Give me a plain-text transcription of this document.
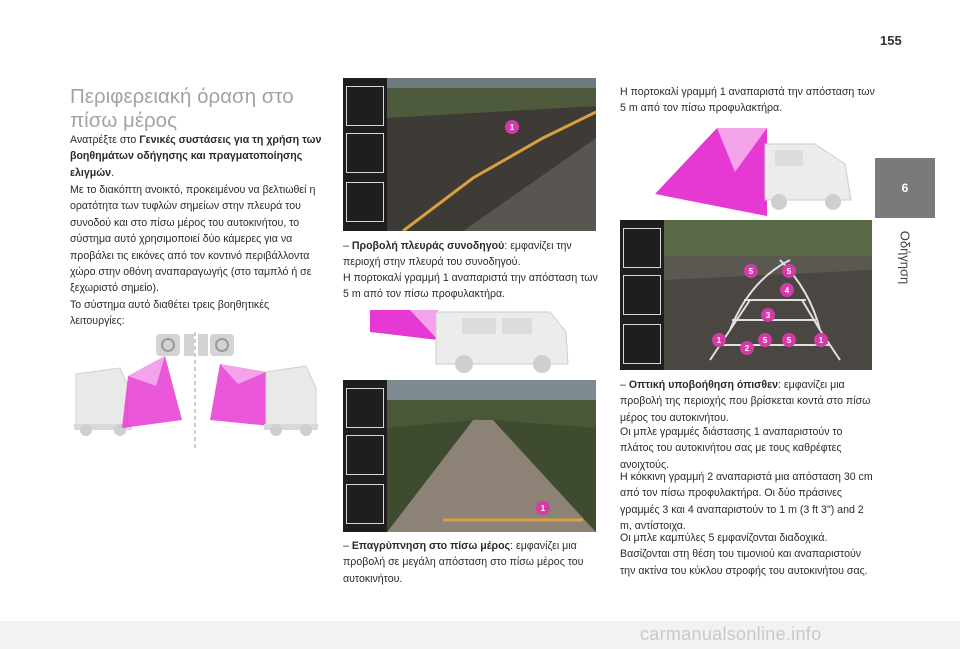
155
6
Οδήγηση
Περιφερειακή όραση στο πίσω μέρος
Ανατρέξτε στο Γενικές συστάσεις για τη χρήση των βοηθημάτων οδήγησης και πραγματοποίησης ελιγμών.
Με το διακόπτη ανοικτό, προκειμένου να βελτιωθεί η ορατότητα των τυφλών σημείων στην πλευρά του συνοδού και στο πίσω μέρος του αυτοκινήτου, το σύστημα αυτό χρησιμοποιεί δύο κάμερες για να προβάλει τις εικόνες από τον κοντινό περιβάλλοντα χώρο στην οθόνη αναπαραγωγής (στο ταμπλό ή σε ξεχωριστό σημείο).
Το σύστημα αυτό διαθέτει τρεις βοηθητικές λειτουργίες:
1
– Προβολή πλευράς συνοδηγού: εμφανίζει την περιοχή στην πλευρά του συνοδηγού.
Η πορτοκαλί γραμμή 1 αναπαριστά την απόσταση των 5 m από τον πίσω προφυλακτήρα.
1
– Επαγρύπνηση στο πίσω μέρος: εμφανίζει μια προβολή σε μεγάλη απόσταση στο πίσω μέρος του αυτοκινήτου.
Η πορτοκαλί γραμμή 1 αναπαριστά την απόσταση των 5 m από τον πίσω προφυλακτήρα.
5	5
4
3
1
2
5	5	1
– Οπτική υποβοήθηση όπισθεν: εμφανίζει μια προβολή της περιοχής που βρίσκεται κοντά στο πίσω μέρος του αυτοκινήτου.
Οι μπλε γραμμές διάστασης 1 αναπαριστούν το πλάτος του αυτοκινήτου σας με τους καθρέφτες ανοιχτούς.
Η κόκκινη γραμμή 2 αναπαριστά μια απόσταση 30 cm από τον πίσω προφυλακτήρα. Οι δύο πράσινες γραμμές 3 και 4 αναπαριστούν το 1 m (3 ft 3") and 2 m, αντίστοιχα.
Οι μπλε καμπύλες 5 εμφανίζονται διαδοχικά. Βασίζονται στη θέση του τιμονιού και αναπαριστούν την ακτίνα του κύκλου στροφής του αυτοκινήτου σας.
carmanualsonline.info
